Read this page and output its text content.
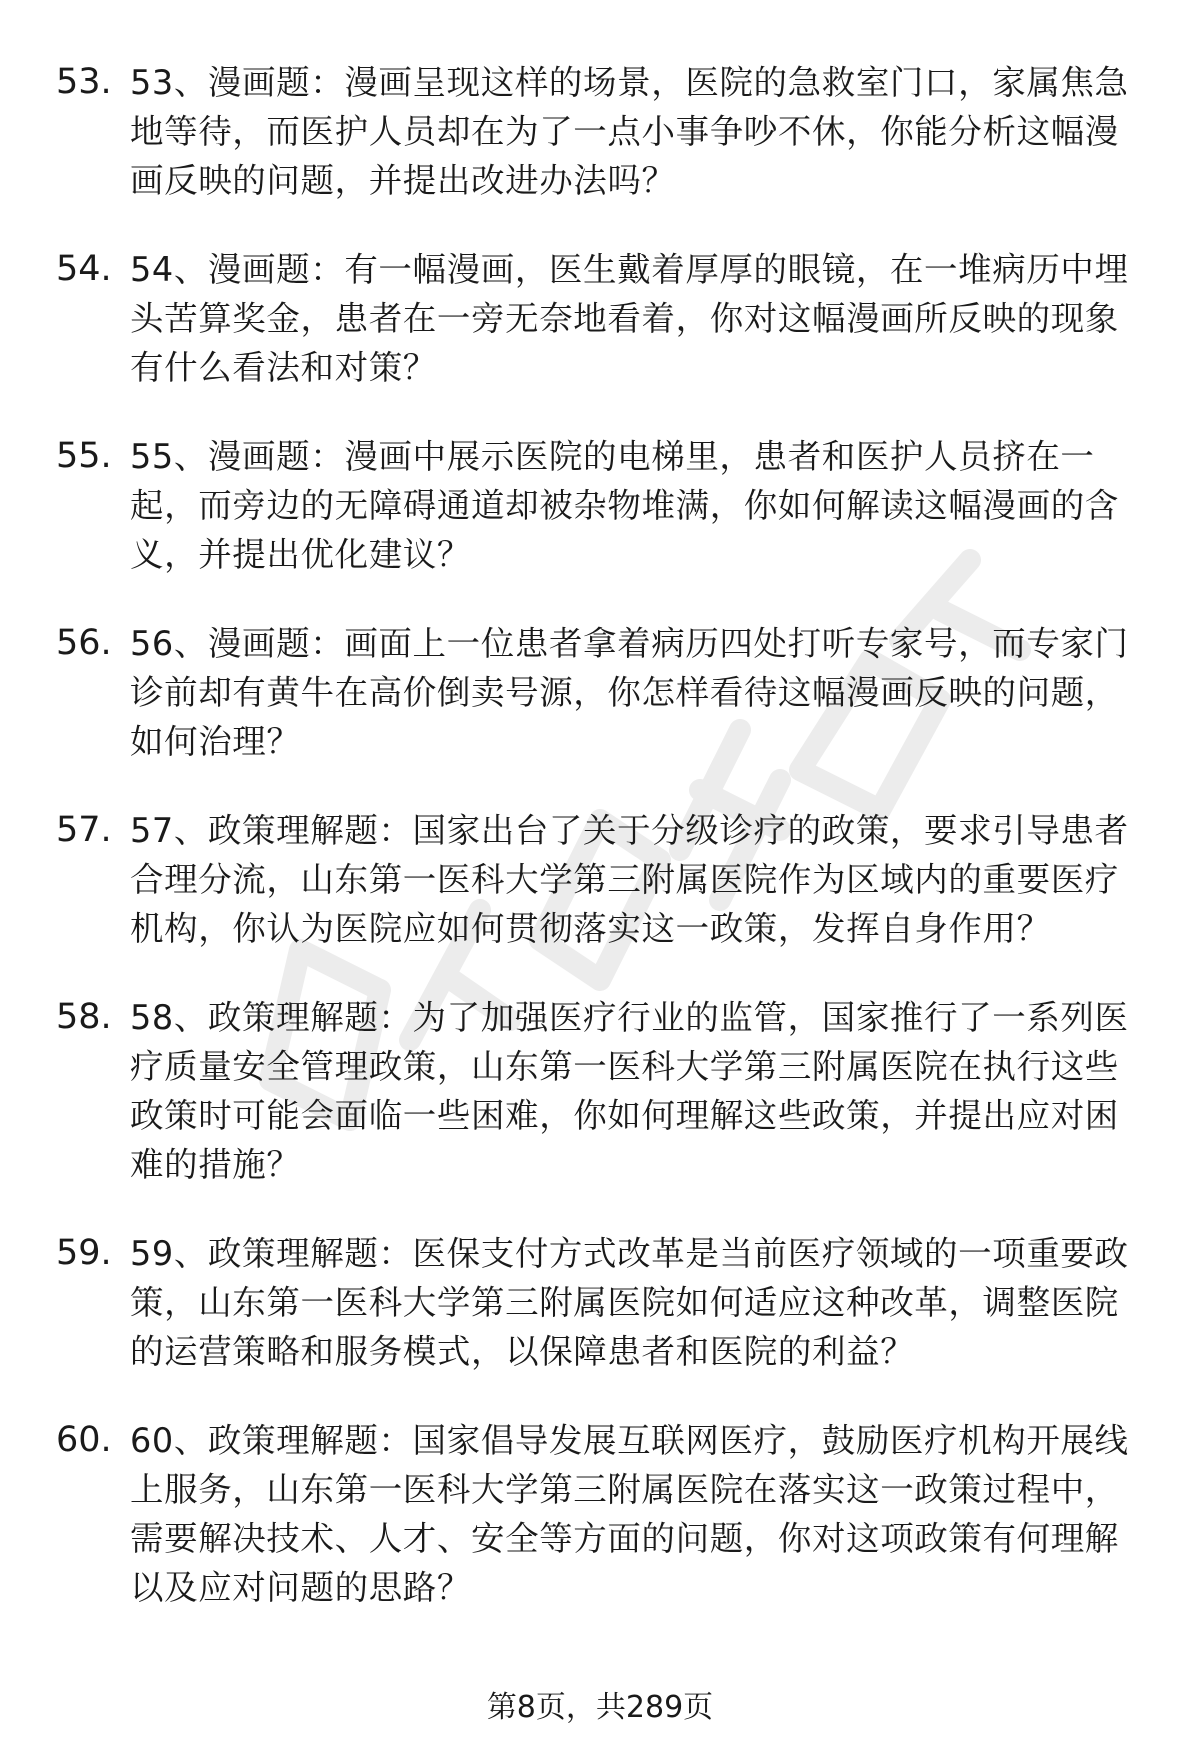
53. 53、漫画题：漫画呈现这样的场景，医院的急救室门口，家属焦急地等待，而医护人员却在为了一点小事争吵不休，你能分析这幅漫画反映的问题，并提出改进办法吗？
54. 54、漫画题：有一幅漫画，医生戴着厚厚的眼镜，在一堆病历中埋头苦算奖金，患者在一旁无奈地看着，你对这幅漫画所反映的现象有什么看法和对策？
55. 55、漫画题：漫画中展示医院的电梯里，患者和医护人员挤在一起，而旁边的无障碍通道却被杂物堆满，你如何解读这幅漫画的含义，并提出优化建议？
56. 56、漫画题：画面上一位患者拿着病历四处打听专家号，而专家门诊前却有黄牛在高价倒卖号源，你怎样看待这幅漫画反映的问题，如何治理？
57. 57、政策理解题：国家出台了关于分级诊疗的政策，要求引导患者合理分流，山东第一医科大学第三附属医院作为区域内的重要医疗机构，你认为医院应如何贯彻落实这一政策，发挥自身作用？
58. 58、政策理解题：为了加强医疗行业的监管，国家推行了一系列医疗质量安全管理政策，山东第一医科大学第三附属医院在执行这些政策时可能会面临一些困难，你如何理解这些政策，并提出应对困难的措施？
59. 59、政策理解题：医保支付方式改革是当前医疗领域的一项重要政策，山东第一医科大学第三附属医院如何适应这种改革，调整医院的运营策略和服务模式，以保障患者和医院的利益？
60. 60、政策理解题：国家倡导发展互联网医疗，鼓励医疗机构开展线上服务，山东第一医科大学第三附属医院在落实这一政策过程中，需要解决技术、人才、安全等方面的问题，你对这项政策有何理解以及应对问题的思路？
第8页，共289页
